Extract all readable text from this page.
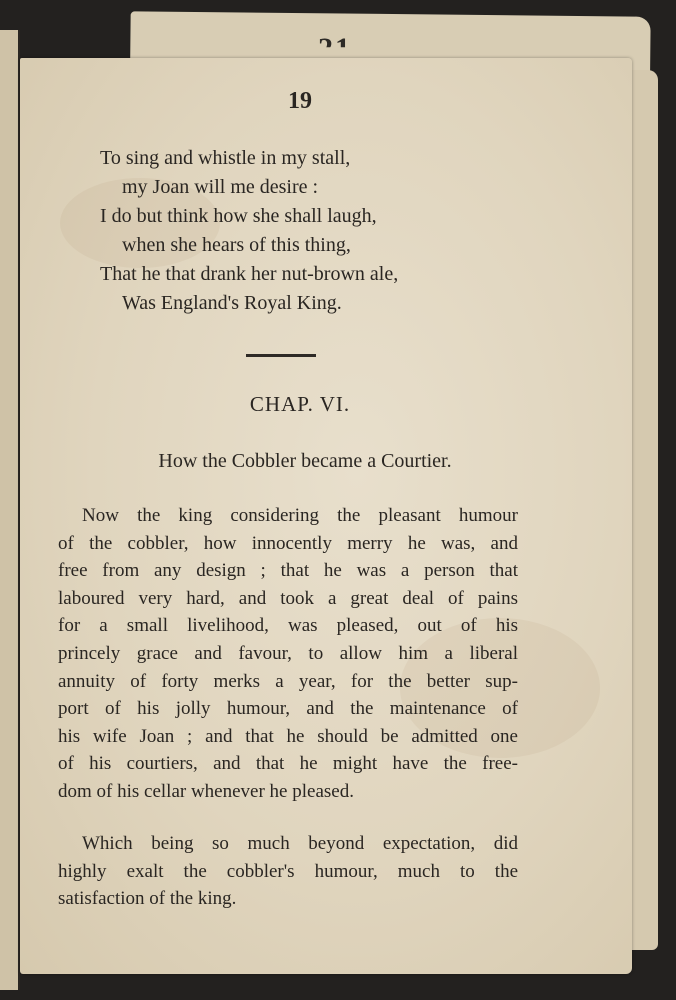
19
To sing and whistle in my stall,
my Joan will me desire :
I do but think how she shall laugh,
when she hears of this thing,
That he that drank her nut-brown ale,
Was England's Royal King.
CHAP. VI.
How the Cobbler became a Courtier.
Now the king considering the pleasant humour
of the cobbler, how innocently merry he was, and
free from any design ; that he was a person that
laboured very hard, and took a great deal of pains
for a small livelihood, was pleased, out of his
princely grace and favour, to allow him a liberal
annuity of forty merks a year, for the better sup-
port of his jolly humour, and the maintenance of
his wife Joan ; and that he should be admitted one
of his courtiers, and that he might have the free-
dom of his cellar whenever he pleased.
Which being so much beyond expectation, did
highly exalt the cobbler's humour, much to the
satisfaction of the king.
